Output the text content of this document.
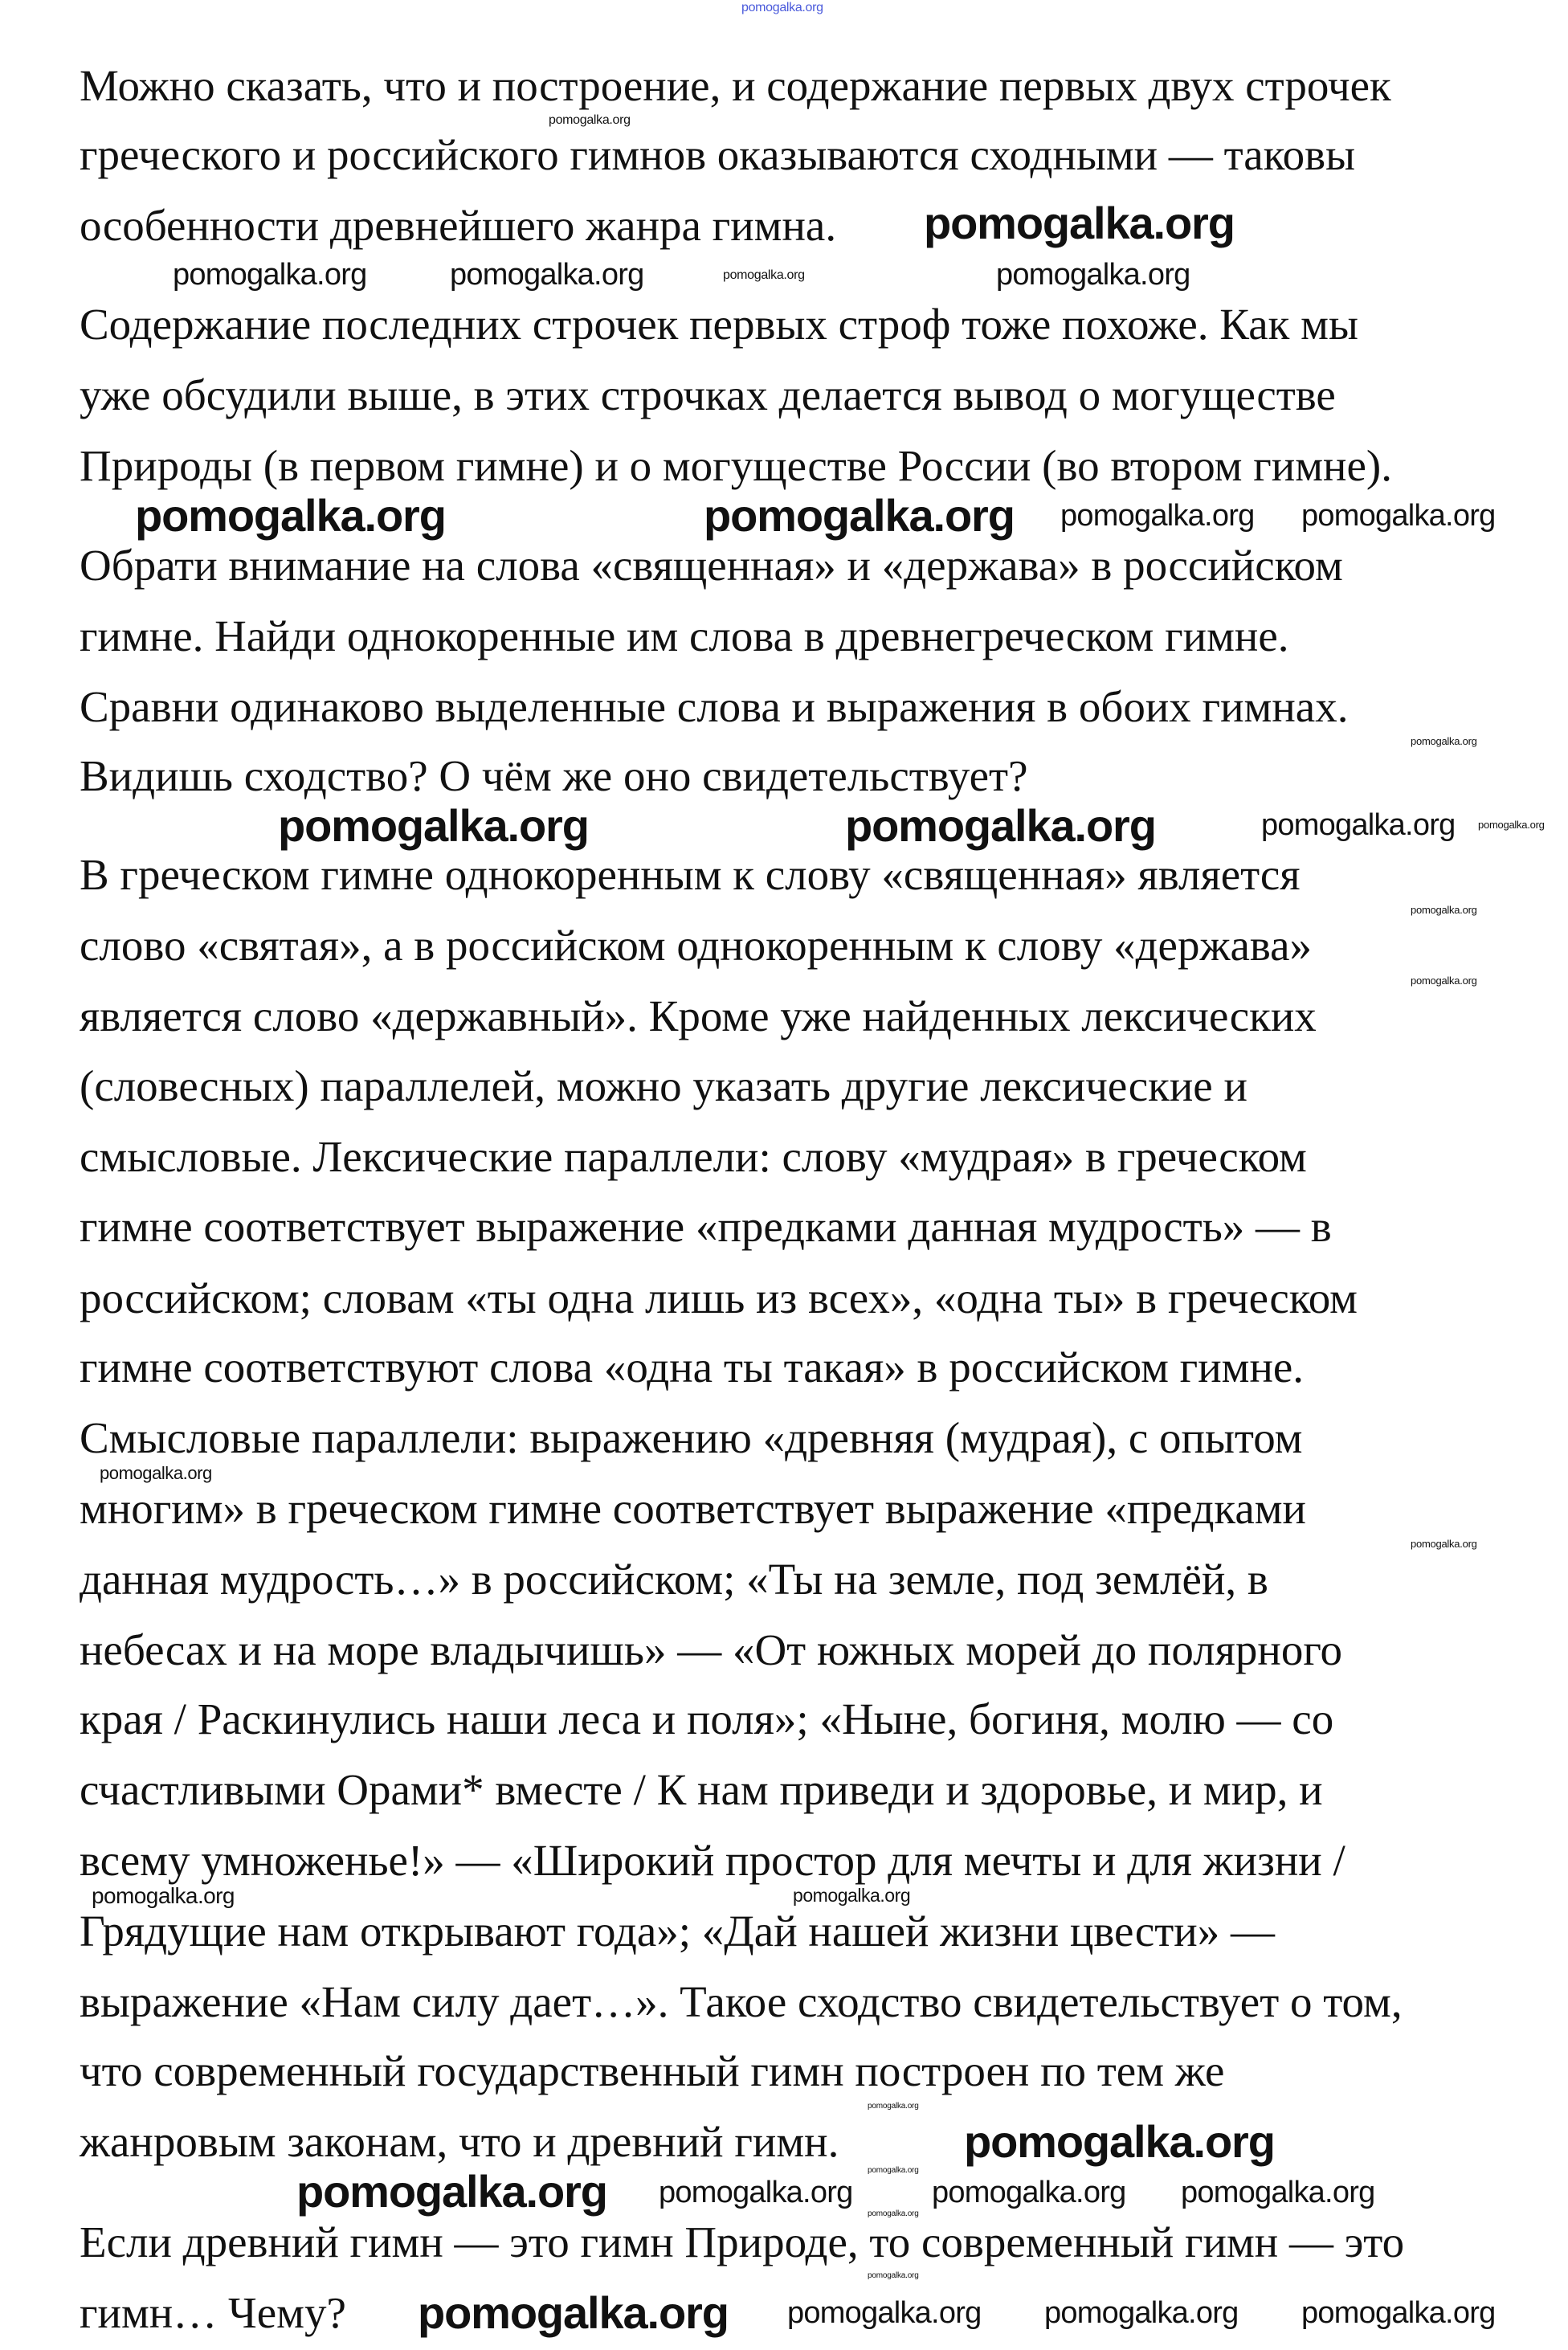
Можно сказать, что и построение, и содержание первых двух строчек
греческого и российского гимнов оказываются сходными — таковы
особенности древнейшего жанра гимна.
Содержание последних строчек первых строф тоже похоже. Как мы
уже обсудили выше, в этих строчках делается вывод о могуществе
Природы (в первом гимне) и о могуществе России (во втором гимне).
Обрати внимание на слова «священная» и «держава» в российском
гимне. Найди однокоренные им слова в древнегреческом гимне.
Сравни одинаково выделенные слова и выражения в обоих гимнах.
Видишь сходство? О чём же оно свидетельствует?
В греческом гимне однокоренным к слову «священная» является
слово «святая», а в российском однокоренным к слову «держава»
является слово «державный». Кроме уже найденных лексических
(словесных) параллелей, можно указать другие лексические и
смысловые. Лексические параллели: слову «мудрая» в греческом
гимне соответствует выражение «предками данная мудрость» — в
российском; словам «ты одна лишь из всех», «одна ты» в греческом
гимне соответствуют слова «одна ты такая» в российском гимне.
Смысловые параллели: выражению «древняя (мудрая), с опытом
многим» в греческом гимне соответствует выражение «предками
данная мудрость…» в российском; «Ты на земле, под землёй, в
небесах и на море владычишь» — «От южных морей до полярного
края / Раскинулись наши леса и поля»; «Ныне, богиня, молю — со
счастливыми Орами* вместе / К нам приведи и здоровье, и мир, и
всему умноженье!» — «Широкий простор для мечты и для жизни /
Грядущие нам открывают года»; «Дай нашей жизни цвести» —
выражение «Нам силу дает…». Такое сходство свидетельствует о том,
что современный государственный гимн построен по тем же
жанровым законам, что и древний гимн.
Если древний гимн — это гимн Природе, то современный гимн — это
гимн… Чему?
pomogalka.org
pomogalka.org
pomogalka.org
pomogalka.org	pomogalka.org	pomogalka.org	pomogalka.org
pomogalka.org	pomogalka.org pomogalka.org pomogalka.org
pomogalka.org
pomogalka.org	pomogalka.org	pomogalka.org pomogalka.org
pomogalka.org
pomogalka.org
pomogalka.org
pomogalka.org
pomogalka.org	pomogalka.org
pomogalka.org
pomogalka.org
pomogalka.org pomogalka.org
pomogalka.org
pomogalka.org pomogalka.org
pomogalka.org
pomogalka.org
pomogalka.org pomogalka.org pomogalka.org pomogalka.org
